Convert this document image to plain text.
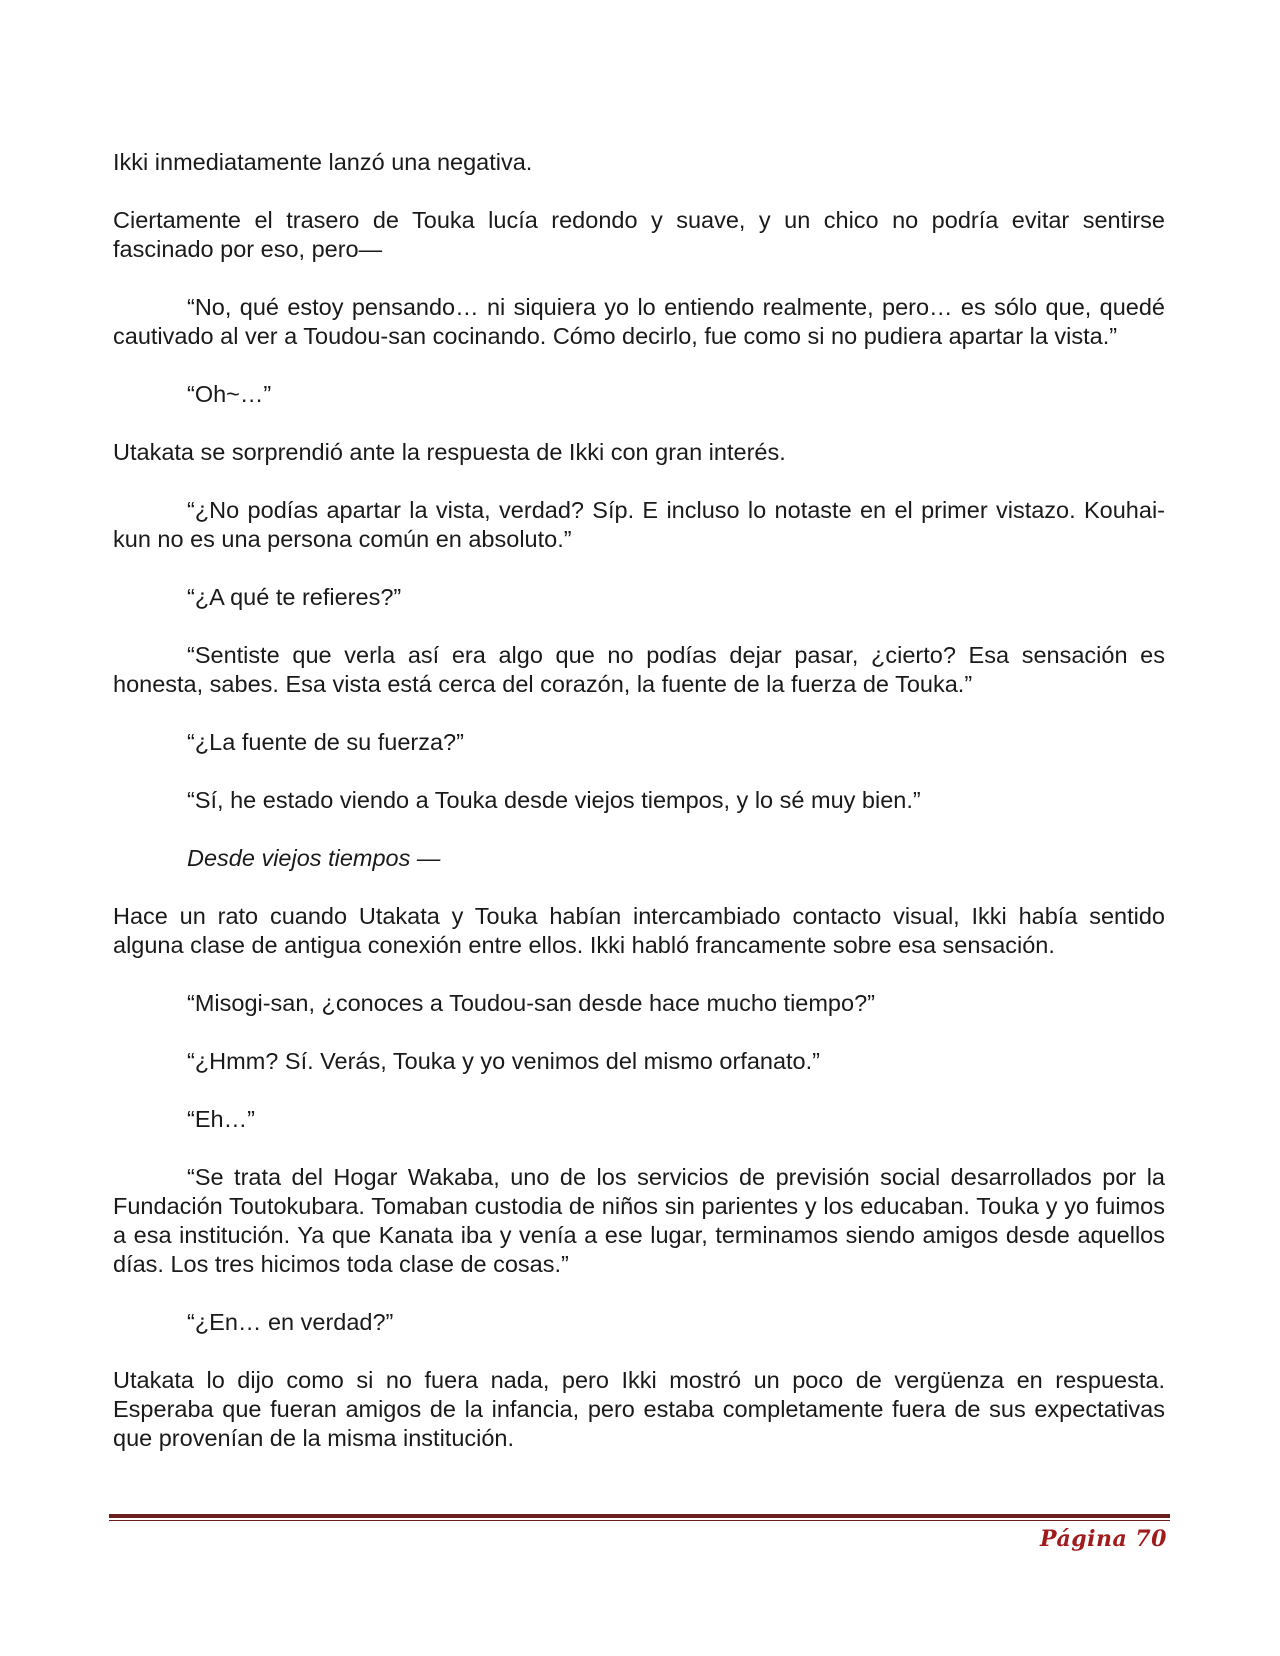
Ikki inmediatamente lanzó una negativa.

Ciertamente el trasero de Touka lucía redondo y suave, y un chico no podría evitar sentirse fascinado por eso, pero—

“No, qué estoy pensando… ni siquiera yo lo entiendo realmente, pero… es sólo que, quedé cautivado al ver a Toudou-san cocinando. Cómo decirlo, fue como si no pudiera apartar la vista.”

“Oh~…”

Utakata se sorprendió ante la respuesta de Ikki con gran interés.

“¿No podías apartar la vista, verdad? Síp. E incluso lo notaste en el primer vistazo. Kouhai-kun no es una persona común en absoluto.”

“¿A qué te refieres?”

“Sentiste que verla así era algo que no podías dejar pasar, ¿cierto? Esa sensación es honesta, sabes. Esa vista está cerca del corazón, la fuente de la fuerza de Touka.”

“¿La fuente de su fuerza?”

“Sí, he estado viendo a Touka desde viejos tiempos, y lo sé muy bien.”

Desde viejos tiempos —

Hace un rato cuando Utakata y Touka habían intercambiado contacto visual, Ikki había sentido alguna clase de antigua conexión entre ellos. Ikki habló francamente sobre esa sensación.

“Misogi-san, ¿conoces a Toudou-san desde hace mucho tiempo?”

“¿Hmm? Sí. Verás, Touka y yo venimos del mismo orfanato.”

“Eh…”

“Se trata del Hogar Wakaba, uno de los servicios de previsión social desarrollados por la Fundación Toutokubara. Tomaban custodia de niños sin parientes y los educaban. Touka y yo fuimos a esa institución. Ya que Kanata iba y venía a ese lugar, terminamos siendo amigos desde aquellos días. Los tres hicimos toda clase de cosas.”

“¿En… en verdad?”

Utakata lo dijo como si no fuera nada, pero Ikki mostró un poco de vergüenza en respuesta. Esperaba que fueran amigos de la infancia, pero estaba completamente fuera de sus expectativas que provenían de la misma institución.

Página 70
